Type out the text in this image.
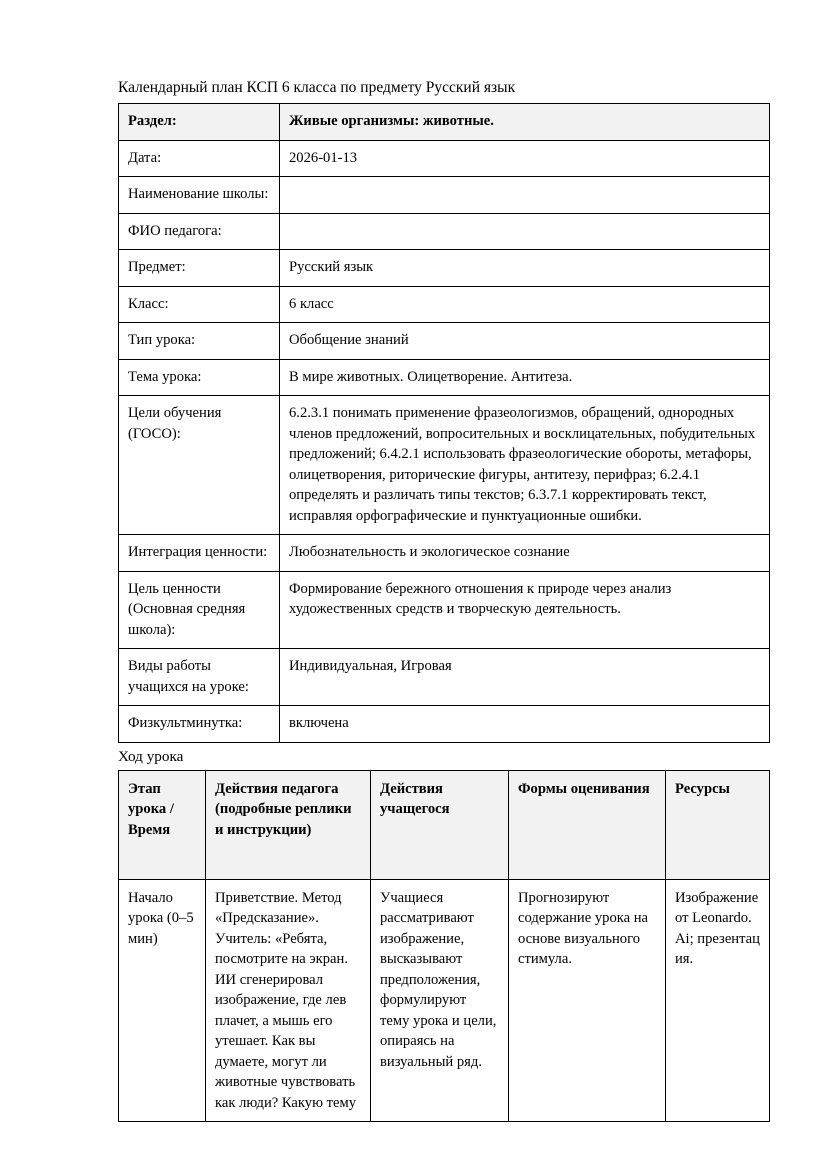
Календарный план КСП 6 класса по предмету Русский язык

Раздел:	Живые организмы: животные.
Дата:	2026-01-13
Наименование школы:	
ФИО педагога:	
Предмет:	Русский язык
Класс:	6 класс
Тип урока:	Обобщение знаний
Тема урока:	В мире животных. Олицетворение. Антитеза.
Цели обучения (ГОСО):	6.2.3.1 понимать применение фразеологизмов, обращений, однородных членов предложений, вопросительных и восклицательных, побудительных предложений; 6.4.2.1 использовать фразеологические обороты, метафоры, олицетворения, риторические фигуры, антитезу, перифраз; 6.2.4.1 определять и различать типы текстов; 6.3.7.1 корректировать текст, исправляя орфографические и пунктуационные ошибки.
Интеграция ценности:	Любознательность и экологическое сознание
Цель ценности (Основная средняя школа):	Формирование бережного отношения к природе через анализ художественных средств и творческую деятельность.
Виды работы учащихся на уроке:	Индивидуальная, Игровая
Физкультминутка:	включена

Ход урока

Этап урока / Время	Действия педагога (подробные реплики и инструкции)	Действия учащегося	Формы оценивания	Ресурсы

Начало урока (0–5 мин)	Приветствие. Метод «Предсказание». Учитель: «Ребята, посмотрите на экран. ИИ сгенерировал изображение, где лев плачет, а мышь его утешает. Как вы думаете, могут ли животные чувствовать как люди? Какую тему	Учащиеся рассматривают изображение, высказывают предположения, формулируют тему урока и цели, опираясь на визуальный ряд.	Прогнозируют содержание урока на основе визуального стимула.	Изображение от Leonardo.Ai; презентация.
